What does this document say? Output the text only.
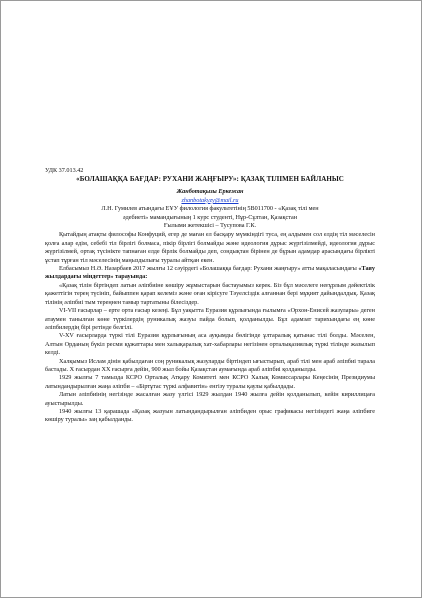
УДК 37.013.42

«БОЛАШАҚҚА БАҒДАР: РУХАНИ ЖАҢҒЫРУ»: ҚАЗАҚ ТІЛІМЕН БАЙЛАНЫС

Жанботақызы Еркежан

zhanbotakyzy@mail.ru

Л.Н. Гумилев атындағы ЕҰУ филология факультетінің 5В011700 - «Қазақ тілі мен

әдебиеті» мамандығының 1 курс студенті, Нұр-Сұлтан, Қазақстан

Ғылыми жетекшісі – Тусупова Г.К.

Қытайдың атақты философы Конфуций, егер де маған ел басқару мүмкіндігі туса, ең алдымен сол елдің тіл мәселесін қолға алар едім, себебі тіл бірлігі болмаса, пікір бірлігі болмайды және идеология дұрыс жүргізілмейді, идеология дұрыс жүргізілмей, ортақ түсінікте тапнаған елде бірлік болмайды деп, сондықтан бірінен де бұрын адамдар арасындағы бірлікті ұстап тұрған тіл мәселесінің маңыздылығы туралы айтқан екен.

Елбасымыз Н.Ә. Назарбаев 2017 жылғы 12 сәуірдегі «Болашаққа бағдар: Рухани жаңғыру» атты мақаласындағы «Таяу жылдардағы міндеттер» тарауында:

«Қазақ тілін біртіндеп латын әліпбиіне көшіру жұмыстарын бастауымыз керек. Біз бұл мәселеге неғұрлым дәйектілік қажеттігін терең түсініп, байыппен қарап келеміз және оған кірісуге Тәуелсіздік алғаннан бері мұқият дайындалдық. Қазақ тілінің әліпбиі тым тереңнен тамыр тартатыны білесіздер.

VI-VII ғасырлар – ерте орта ғасыр кезеңі. Бұл уақытта Еуразия құрлығында ғылымға «Орхон-Енисей жазулары» деген атаумен танылған көне түркілердің руникалық жазуы пайда болып, қолданылды. Бұл адамзат тарихындағы ең көне әліпбилердің бірі ретінде белгілі.

V-XV ғасырларда түркі тілі Еуразия құрлығының аса ауқымды бөлігінде ұлтаралық қатынас тілі болды. Мәселен, Алтын Орданың бүкіл ресми құжаттары мен халықаралық хат-хабарлары негізінен орталықазиялық түркі тілінде жазылып келді.

Халқымыз Ислам дінін қабылдаған соң руникалық жазуларды біртіндеп ығыстырып, араб тілі мен араб әліпбиі тарала бастады. X ғасырдан XX ғасырға дейін, 900 жыл бойы Қазақстан аумағында араб әліпбиі қолданылды.

1929 жылғы 7 тамызда КСРО Орталық Атқару Комитеті мен КСРО Халық Комиссарлары Кеңесінің Президиумы латындандырылған жаңа әліпби – «Біртұтас түркі алфавитін» енгізу туралы қаулы қабылдады.

Латын әліпбиінің негізінде жасалған жазу үлгісі 1929 жылдан 1940 жылға дейін қолданылып, кейін кириллицаға ауыстырылды.

1940 жылғы 13 қарашада «Қазақ жазуын латындандырылған әліпбиден орыс графикасы негізіндегі жаңа әліпбиге көшіру туралы» заң қабылданды.
